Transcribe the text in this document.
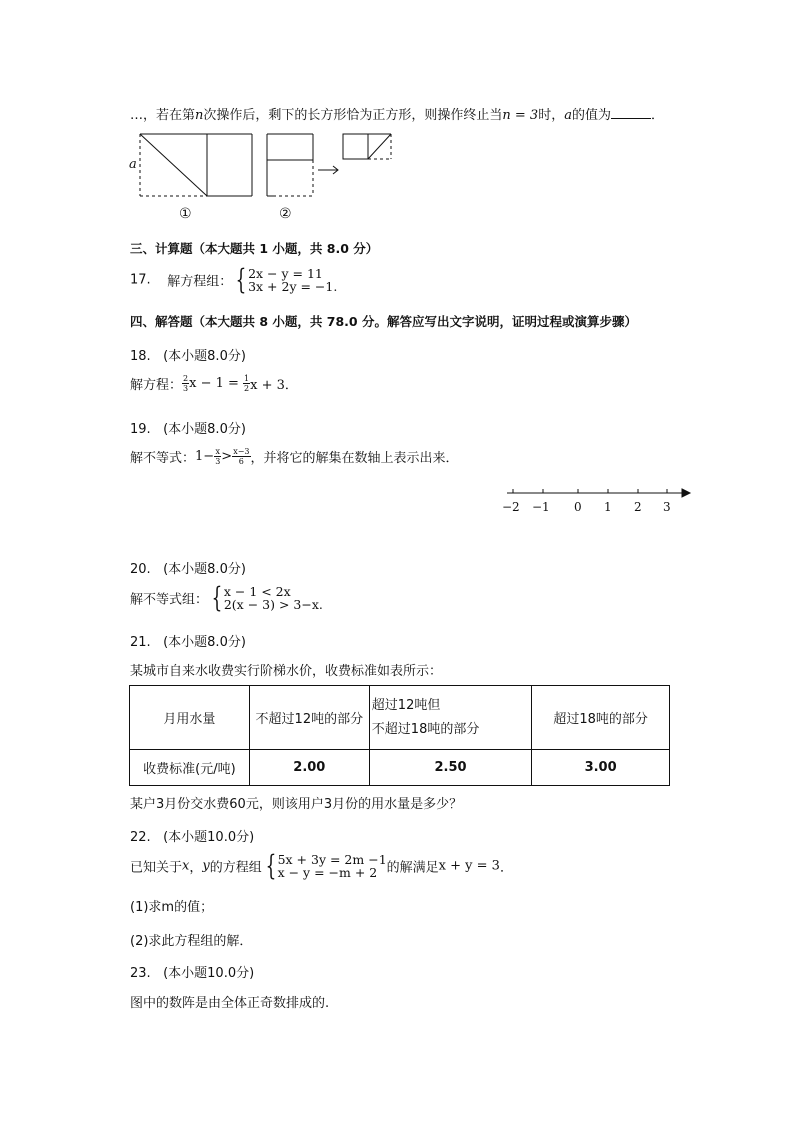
…，若在第n次操作后，剩下的长方形恰为正方形，则操作终止当n = 3时，a的值为	．
a
①	②
三、计算题（本大题共 1 小题，共 8.0 分）
17. 解方程组： { 2x − y = 11
3x + 2y = −1.
四、解答题（本大题共 8 小题，共 78.0 分。解答应写出文字说明，证明过程或演算步骤）
18. (本小题8.0分)
解方程： $\frac{2}{3}$ $x - 1 = \frac{1}{2}$ x + 3．
19. (本小题8.0分)
解不等式：$1- \frac{x}{3} > \frac{x-3}{6}$ ，并将它的解集在数轴上表示出来．
−2 −1 0 1 2 3
20. (本小题8.0分)
解不等式组： { x − 1 < 2x
2(x − 3) > 3−x.
21. (本小题8.0分)
某城市自来水收费实行阶梯水价，收费标准如表所示：
月用水量	不超过12吨的部分	超过12吨但
不超过18吨的部分	超过18吨的部分
收费标准(元/吨)	2.00	2.50	3.00
某户3月份交水费60元，则该用户3月份的用水量是多少？
22. (本小题10.0分)
已知关于x，y的方程组 { 5x + 3y = 2m −1
x − y = −m + 2 的解满足x + y = 3．
(1)求m的值；
(2)求此方程组的解．
23. (本小题10.0分)
图中的数阵是由全体正奇数排成的.
